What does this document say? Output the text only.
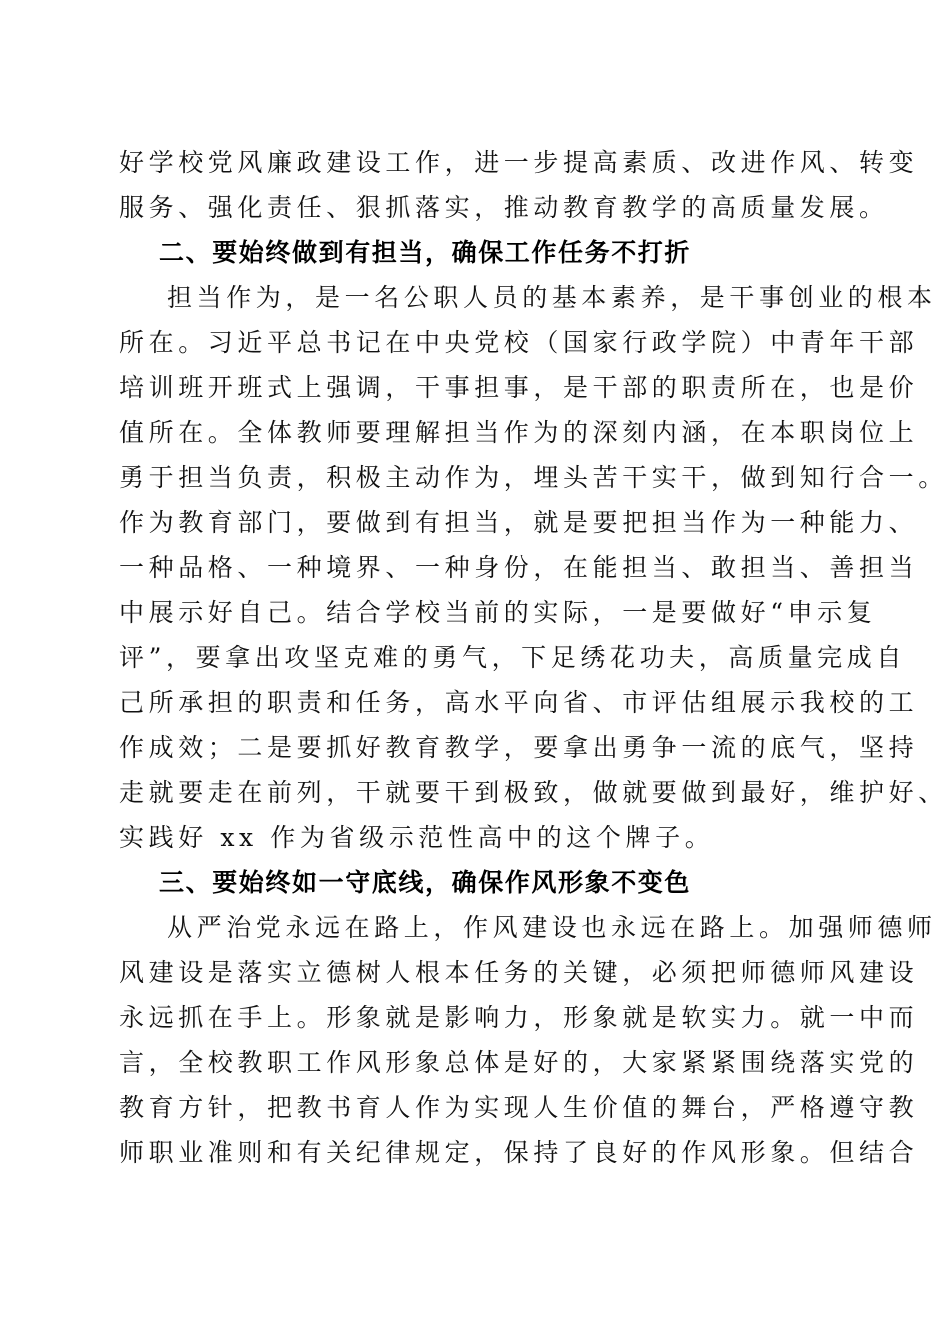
好学校党风廉政建设工作，进一步提高素质、改进作风、转变
服务、强化责任、狠抓落实，推动教育教学的高质量发展。
二、要始终做到有担当，确保工作任务不打折
担当作为，是一名公职人员的基本素养，是干事创业的根本
所在。习近平总书记在中央党校（国家行政学院）中青年干部
培训班开班式上强调，干事担事，是干部的职责所在，也是价
值所在。全体教师要理解担当作为的深刻内涵，在本职岗位上
勇于担当负责，积极主动作为，埋头苦干实干，做到知行合一。
作为教育部门，要做到有担当，就是要把担当作为一种能力、
一种品格、一种境界、一种身份，在能担当、敢担当、善担当
中展示好自己。结合学校当前的实际，一是要做好“申示复
评”，要拿出攻坚克难的勇气，下足绣花功夫，高质量完成自
己所承担的职责和任务，高水平向省、市评估组展示我校的工
作成效；二是要抓好教育教学，要拿出勇争一流的底气，坚持
走就要走在前列，干就要干到极致，做就要做到最好，维护好、
实践好 xx 作为省级示范性高中的这个牌子。
三、要始终如一守底线，确保作风形象不变色
从严治党永远在路上，作风建设也永远在路上。加强师德师
风建设是落实立德树人根本任务的关键，必须把师德师风建设
永远抓在手上。形象就是影响力，形象就是软实力。就一中而
言，全校教职工作风形象总体是好的，大家紧紧围绕落实党的
教育方针，把教书育人作为实现人生价值的舞台，严格遵守教
师职业准则和有关纪律规定，保持了良好的作风形象。但结合
